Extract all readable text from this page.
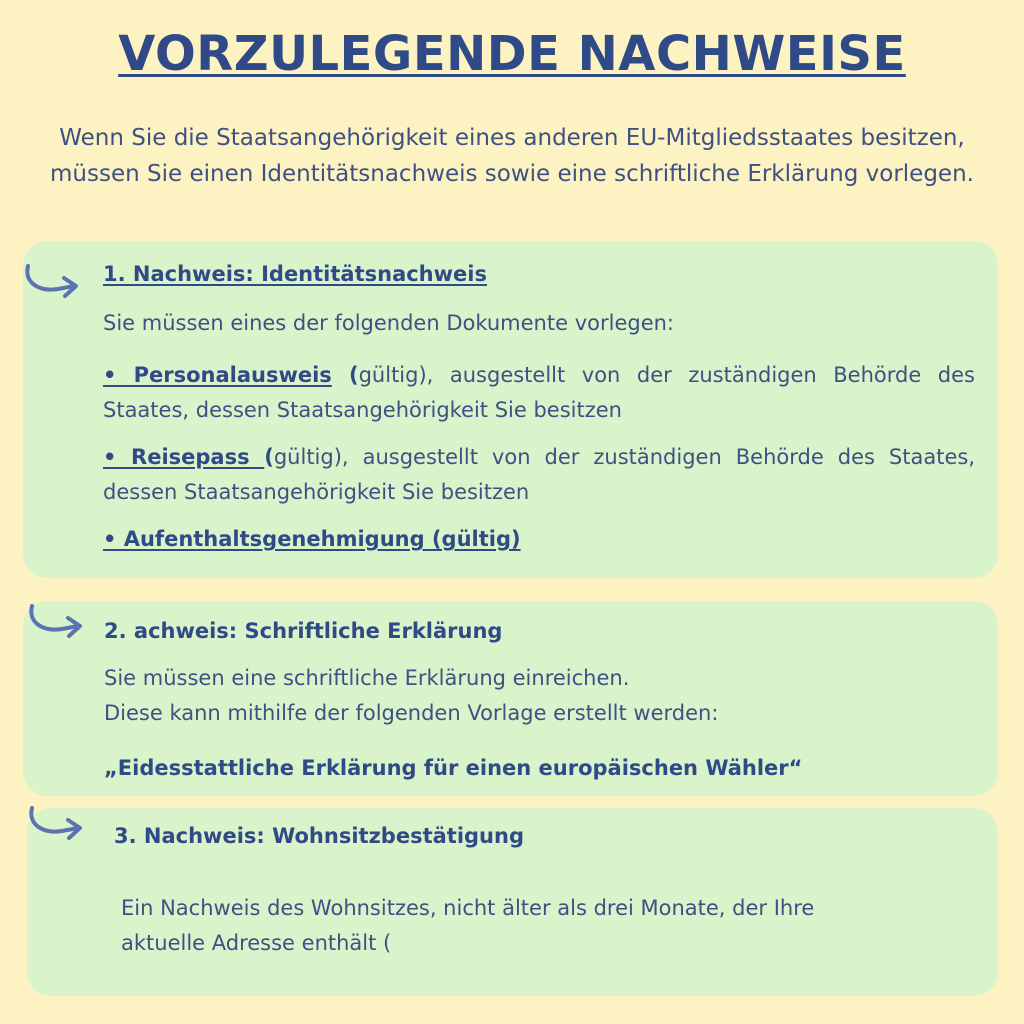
VORZULEGENDE NACHWEISE
Wenn Sie die Staatsangehörigkeit eines anderen EU-Mitgliedsstaates besitzen,
müssen Sie einen Identitätsnachweis sowie eine schriftliche Erklärung vorlegen.
1. Nachweis: Identitätsnachweis
Sie müssen eines der folgenden Dokumente vorlegen:
• Personalausweis (gültig), ausgestellt von der zuständigen Behörde des Staates, dessen Staatsangehörigkeit Sie besitzen
• Reisepass (gültig), ausgestellt von der zuständigen Behörde des Staates, dessen Staatsangehörigkeit Sie besitzen
• Aufenthaltsgenehmigung (gültig)
2. achweis: Schriftliche Erklärung
Sie müssen eine schriftliche Erklärung einreichen.
Diese kann mithilfe der folgenden Vorlage erstellt werden:
„Eidesstattliche Erklärung für einen europäischen Wähler“
3. Nachweis: Wohnsitzbestätigung
Ein Nachweis des Wohnsitzes, nicht älter als drei Monate, der Ihre
aktuelle Adresse enthält (
